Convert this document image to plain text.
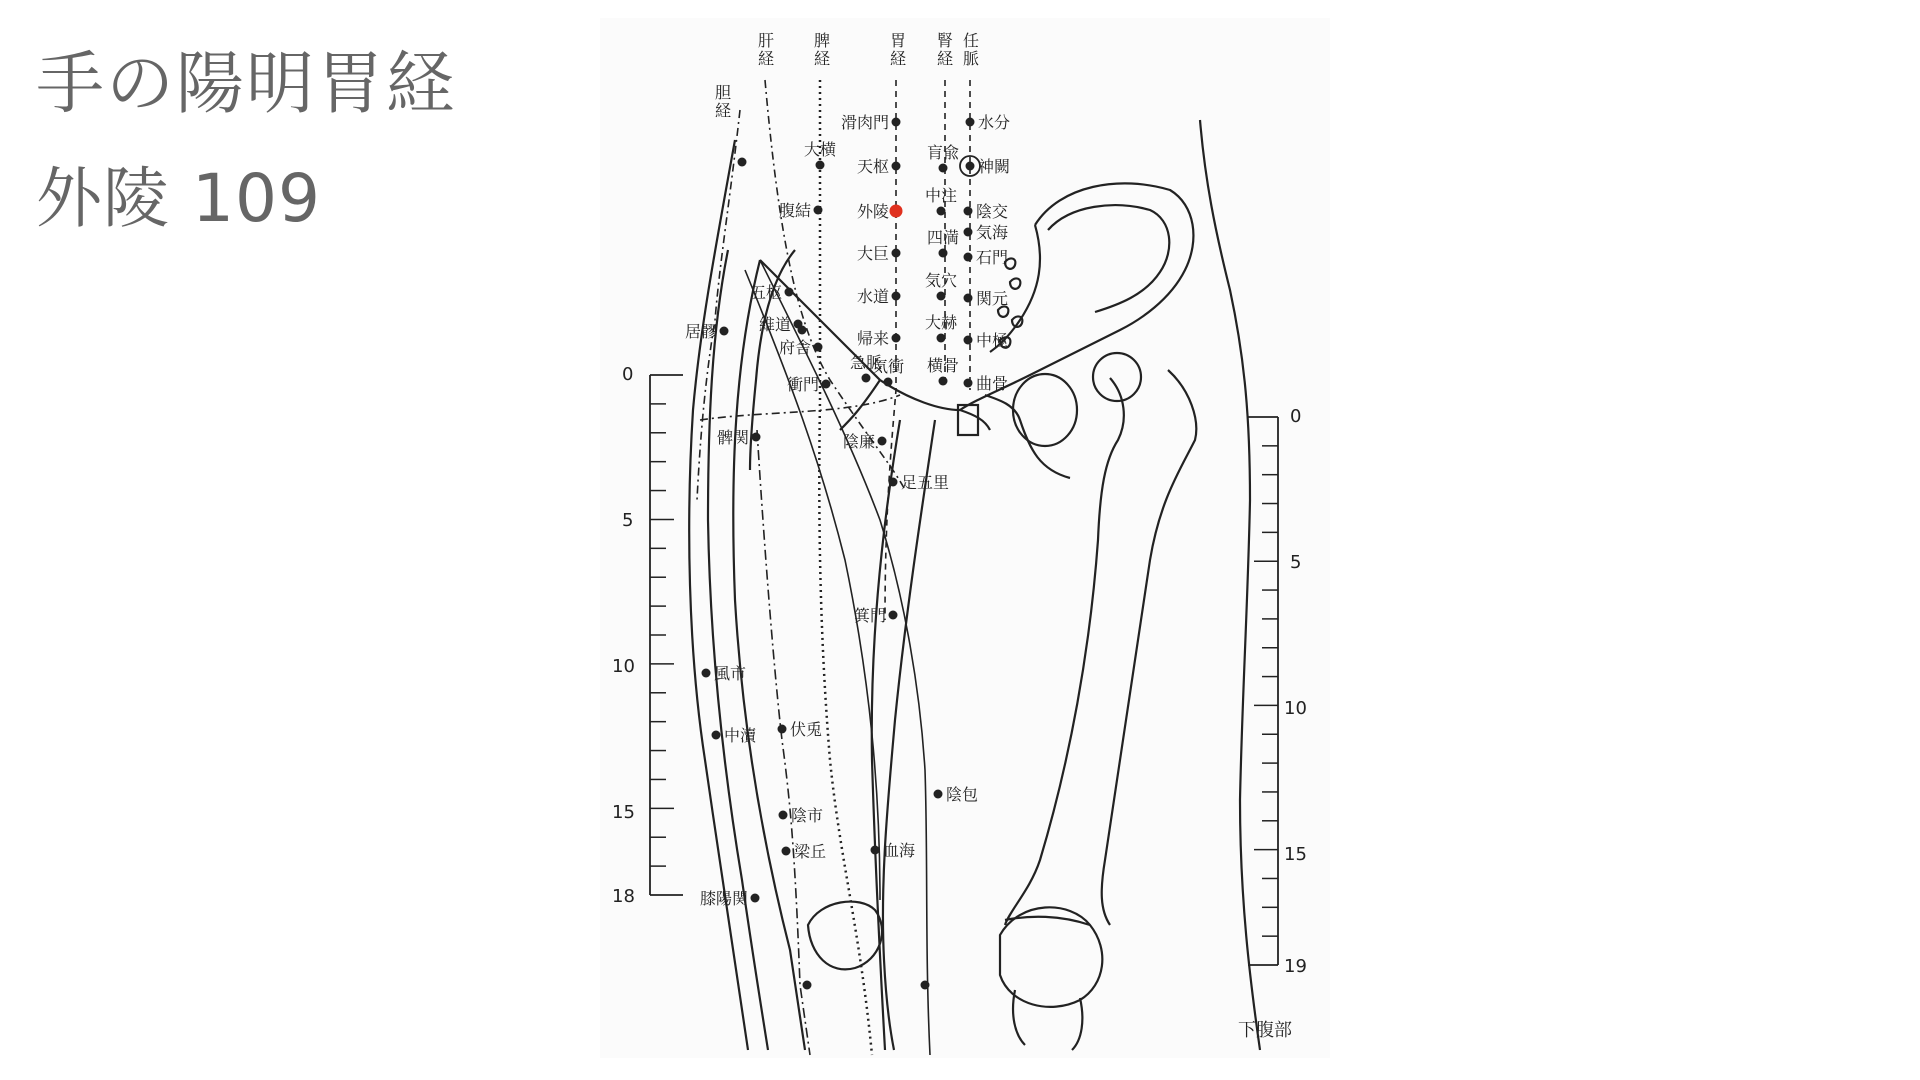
手の陽明胃経
外陵 109
0
5
10
15
18
0
5
10
15
19
肝経
脾経
胃経
腎経
任脈
胆経
滑肉門
天枢
外陵
大巨
水道
帰来
気衝
水分
神闕
陰交
気海
石門
関元
中極
曲骨
肓兪
中注
四満
気穴
大赫
横骨
大横
腹結
府舎
衝門
急脈
五枢
維道
居髎
髀関	陰廉
足五里
箕門
風市
中瀆 伏兎
陰包
陰市
梁丘	血海
膝陽関
下腹部
